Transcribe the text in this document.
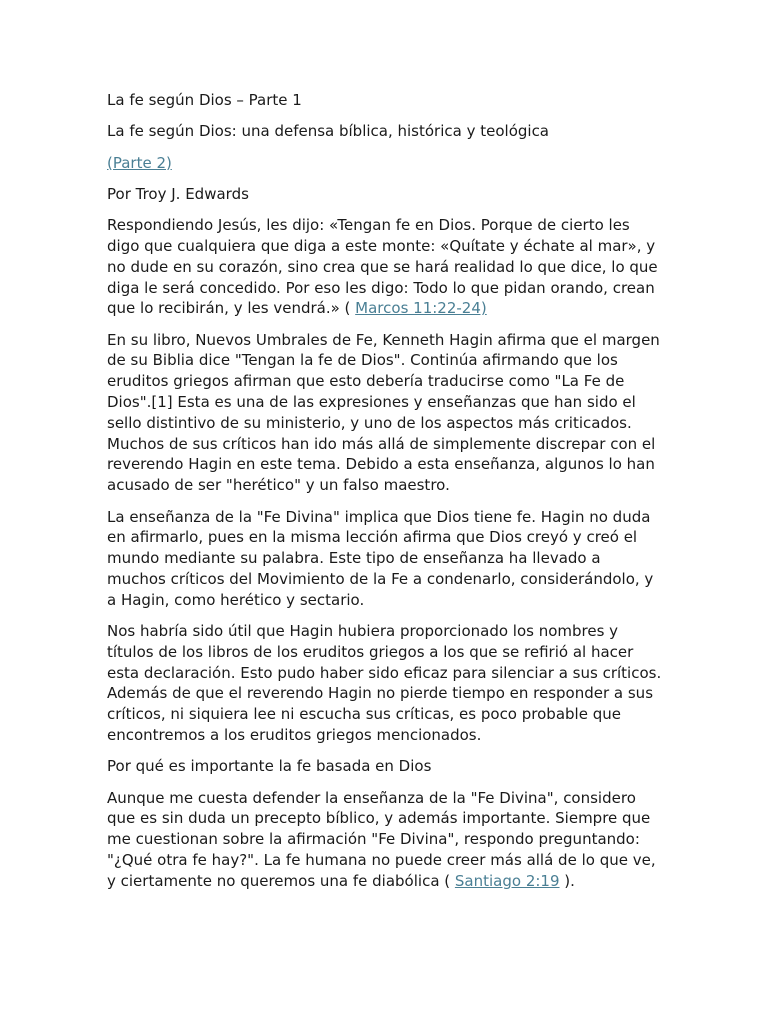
La fe según Dios – Parte 1

La fe según Dios: una defensa bíblica, histórica y teológica

(Parte 2)

Por Troy J. Edwards

Respondiendo Jesús, les dijo: «Tengan fe en Dios. Porque de cierto les digo que cualquiera que diga a este monte: «Quítate y échate al mar», y no dude en su corazón, sino crea que se hará realidad lo que dice, lo que diga le será concedido. Por eso les digo: Todo lo que pidan orando, crean que lo recibirán, y les vendrá.» ( Marcos 11:22-24)

En su libro, Nuevos Umbrales de Fe, Kenneth Hagin afirma que el margen de su Biblia dice "Tengan la fe de Dios". Continúa afirmando que los eruditos griegos afirman que esto debería traducirse como "La Fe de Dios".[1] Esta es una de las expresiones y enseñanzas que han sido el sello distintivo de su ministerio, y uno de los aspectos más criticados. Muchos de sus críticos han ido más allá de simplemente discrepar con el reverendo Hagin en este tema. Debido a esta enseñanza, algunos lo han acusado de ser "herético" y un falso maestro.

La enseñanza de la "Fe Divina" implica que Dios tiene fe. Hagin no duda en afirmarlo, pues en la misma lección afirma que Dios creyó y creó el mundo mediante su palabra. Este tipo de enseñanza ha llevado a muchos críticos del Movimiento de la Fe a condenarlo, considerándolo, y a Hagin, como herético y sectario.

Nos habría sido útil que Hagin hubiera proporcionado los nombres y títulos de los libros de los eruditos griegos a los que se refirió al hacer esta declaración. Esto pudo haber sido eficaz para silenciar a sus críticos. Además de que el reverendo Hagin no pierde tiempo en responder a sus críticos, ni siquiera lee ni escucha sus críticas, es poco probable que encontremos a los eruditos griegos mencionados.

Por qué es importante la fe basada en Dios

Aunque me cuesta defender la enseñanza de la "Fe Divina", considero que es sin duda un precepto bíblico, y además importante. Siempre que me cuestionan sobre la afirmación "Fe Divina", respondo preguntando: "¿Qué otra fe hay?". La fe humana no puede creer más allá de lo que ve, y ciertamente no queremos una fe diabólica ( Santiago 2:19 ).
